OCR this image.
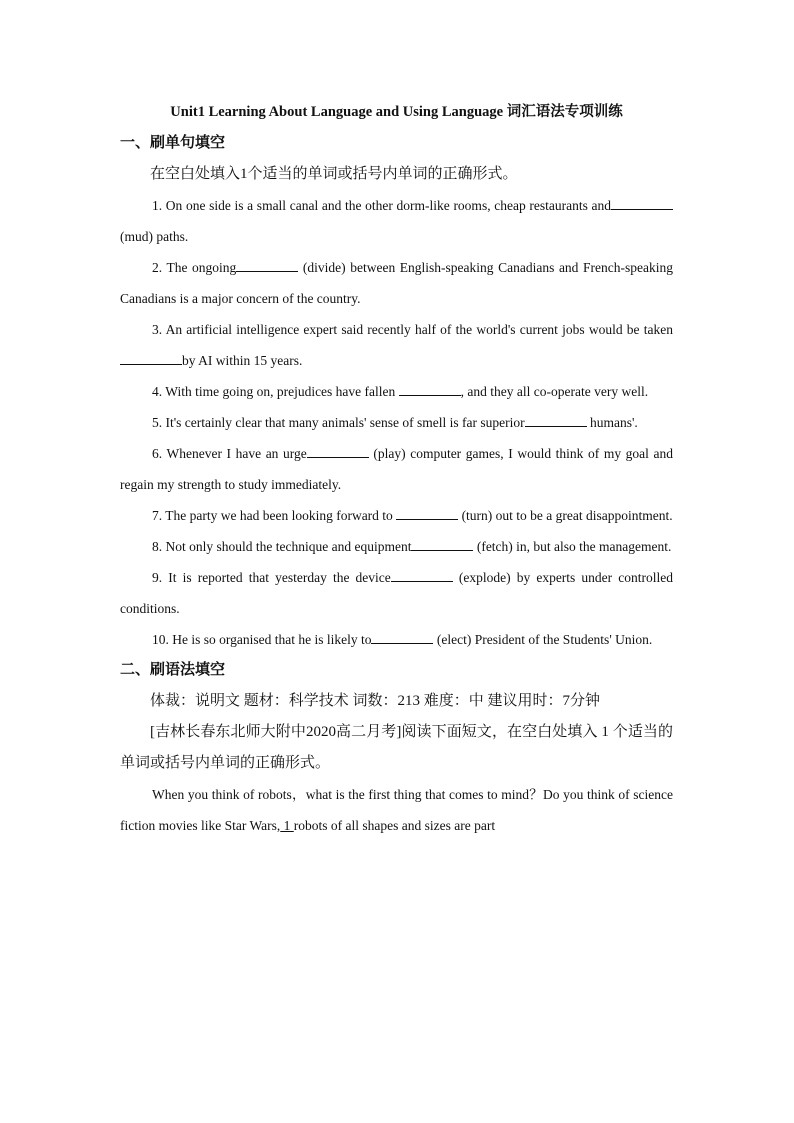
Unit1 Learning About Language and Using Language 词汇语法专项训练

一、刷单句填空

在空白处填入1个适当的单词或括号内单词的正确形式。

1. On one side is a small canal and the other dorm-like rooms, cheap restaurants and(mud) paths.

2. The ongoing	(divide) between English-speaking Canadians and French-speaking Canadians is a major concern of the country.

3. An artificial intelligence expert said recently half of the world's current jobs would be taken by AI within 15 years.

4. With time going on, prejudices have fallen	, and they all co-operate very well.

5. It's certainly clear that many animals' sense of smell is far superior	humans'.

6. Whenever I have an urge	(play) computer games, I would think of my goal and regain my strength to study immediately.

7. The party we had been looking forward to	(turn) out to be a great disappointment.

8. Not only should the technique and equipment	(fetch) in, but also the management.

9. It is reported that yesterday the device	(explode) by experts under controlled conditions.

10. He is so organised that he is likely to	(elect) President of the Students' Union.

二、刷语法填空

体裁：说明文 题材：科学技术 词数：213 难度：中 建议用时：7分钟

[吉林长春东北师大附中2020高二月考]阅读下面短文，在空白处填入 1 个适当的单词或括号内单词的正确形式。

When you think of robots，what is the first thing that comes to mind？Do you think of science fiction movies like Star Wars, 1 robots of all shapes and sizes are part
